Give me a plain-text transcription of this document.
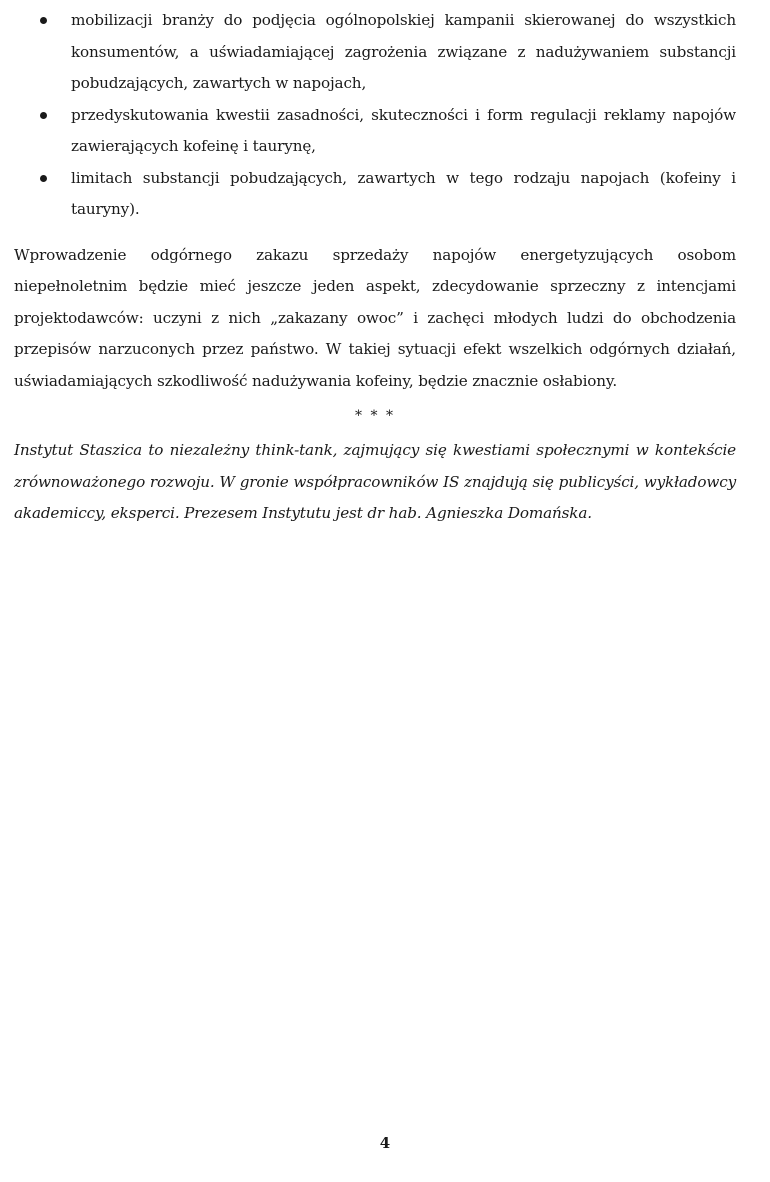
mobilizacji branży do podjęcia ogólnopolskiej kampanii skierowanej do wszystkich konsumentów, a uświadamiającej zagrożenia związane z nadużywaniem substancji pobudzających, zawartych w napojach,
przedyskutowania kwestii zasadności, skuteczności i form regulacji reklamy napojów zawierających kofeinę i taurynę,
limitach substancji pobudzających, zawartych w tego rodzaju napojach (kofeiny i tauryny).

Wprowadzenie odgórnego zakazu sprzedaży napojów energetyzujących osobom niepełnoletnim będzie mieć jeszcze jeden aspekt, zdecydowanie sprzeczny z intencjami projektodawców: uczyni z nich „zakazany owoc” i zachęci młodych ludzi do obchodzenia przepisów narzuconych przez państwo. W takiej sytuacji efekt wszelkich odgórnych działań, uświadamiających szkodliwość nadużywania kofeiny, będzie znacznie osłabiony.

* * *

Instytut Staszica to niezależny think-tank, zajmujący się kwestiami społecznymi w kontekście zrównoważonego rozwoju. W gronie współpracowników IS znajdują się publicyści, wykładowcy akademiccy, eksperci. Prezesem Instytutu jest dr hab. Agnieszka Domańska.

4
